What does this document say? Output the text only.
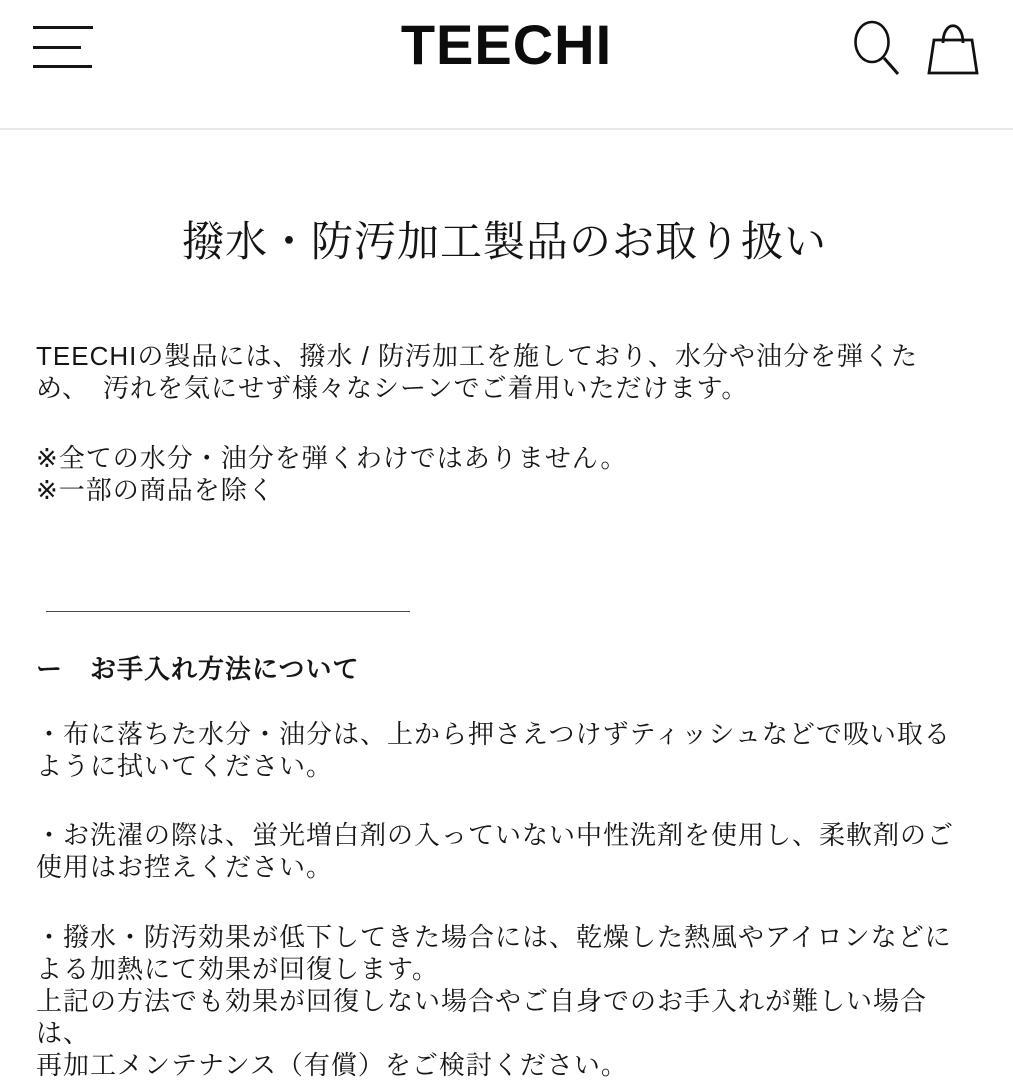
TEECHI
撥水・防汚加工製品のお取り扱い

TEECHIの製品には、撥水 / 防汚加工を施しており、水分や油分を弾くた
め、　汚れを気にせず様々なシーンでご着用いただけます。

※全ての水分・油分を弾くわけではありません。
※一部の商品を除く

＿＿＿＿＿＿＿＿＿＿＿＿＿＿

ー　お手入れ方法について

・布に落ちた水分・油分は、上から押さえつけずティッシュなどで吸い取る
ように拭いてください。

・お洗濯の際は、蛍光増白剤の入っていない中性洗剤を使用し、柔軟剤のご
使用はお控えください。

・撥水・防汚効果が低下してきた場合には、乾燥した熱風やアイロンなどに
よる加熱にて効果が回復します。
上記の方法でも効果が回復しない場合やご自身でのお手入れが難しい場合
は、
再加工メンテナンス（有償）をご検討ください。
